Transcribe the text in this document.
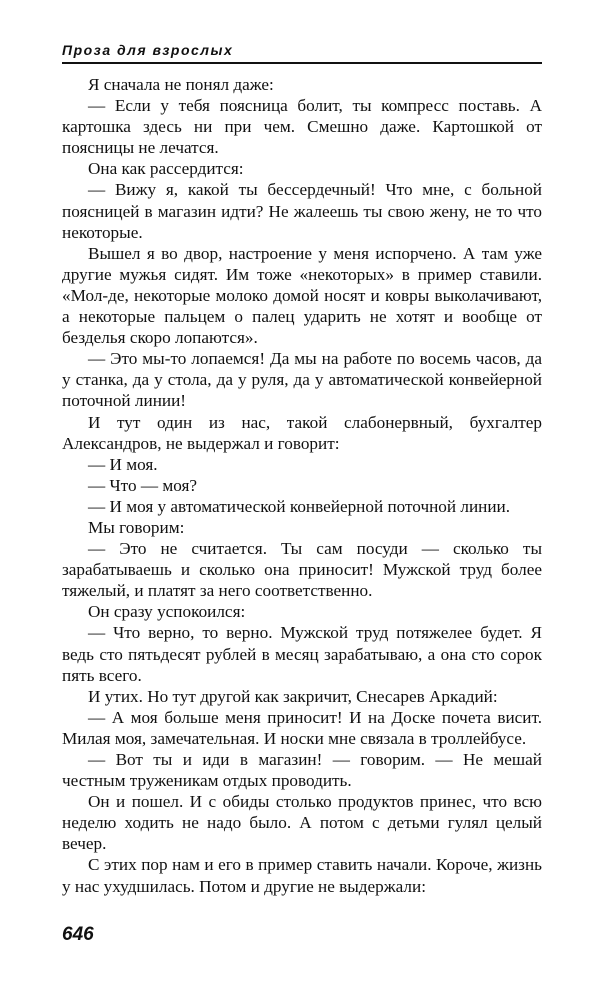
Проза для взрослых

Я сначала не понял даже:

— Если у тебя поясница болит, ты компресс поставь. А картошка здесь ни при чем. Смешно даже. Картошкой от поясницы не лечатся.

Она как рассердится:

— Вижу я, какой ты бессердечный! Что мне, с больной поясницей в магазин идти? Не жалеешь ты свою жену, не то что некоторые.

Вышел я во двор, настроение у меня испорчено. А там уже другие мужья сидят. Им тоже «некоторых» в пример ставили. «Мол-де, некоторые молоко домой носят и ковры выколачивают, а некоторые пальцем о палец ударить не хотят и вообще от безделья скоро лопаются».

— Это мы-то лопаемся! Да мы на работе по восемь часов, да у станка, да у стола, да у руля, да у автоматической конвейерной поточной линии!

И тут один из нас, такой слабонервный, бухгалтер Александров, не выдержал и говорит:

— И моя.

— Что — моя?

— И моя у автоматической конвейерной поточной линии.

Мы говорим:

— Это не считается. Ты сам посуди — сколько ты зарабатываешь и сколько она приносит! Мужской труд более тяжелый, и платят за него соответственно.

Он сразу успокоился:

— Что верно, то верно. Мужской труд потяжелее будет. Я ведь сто пятьдесят рублей в месяц зарабатываю, а она сто сорок пять всего.

И утих. Но тут другой как закричит, Снесарев Аркадий:

— А моя больше меня приносит! И на Доске почета висит. Милая моя, замечательная. И носки мне связала в троллейбусе.

— Вот ты и иди в магазин! — говорим. — Не мешай честным труженикам отдых проводить.

Он и пошел. И с обиды столько продуктов принес, что всю неделю ходить не надо было. А потом с детьми гулял целый вечер.

С этих пор нам и его в пример ставить начали. Короче, жизнь у нас ухудшилась. Потом и другие не выдержали:

646
